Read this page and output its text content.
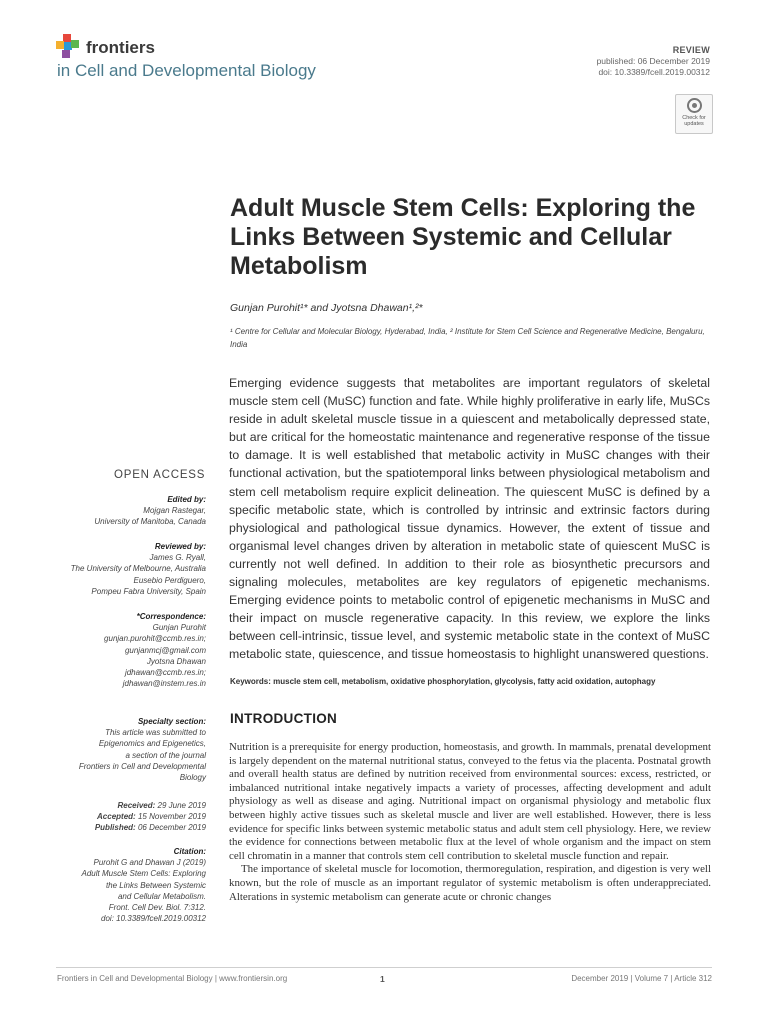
frontiers
in Cell and Developmental Biology
REVIEW
published: 06 December 2019
doi: 10.3389/fcell.2019.00312
Check for updates
Adult Muscle Stem Cells: Exploring the Links Between Systemic and Cellular Metabolism
Gunjan Purohit¹* and Jyotsna Dhawan¹,²*
¹ Centre for Cellular and Molecular Biology, Hyderabad, India, ² Institute for Stem Cell Science and Regenerative Medicine, Bengaluru, India
Emerging evidence suggests that metabolites are important regulators of skeletal muscle stem cell (MuSC) function and fate. While highly proliferative in early life, MuSCs reside in adult skeletal muscle tissue in a quiescent and metabolically depressed state, but are critical for the homeostatic maintenance and regenerative response of the tissue to damage. It is well established that metabolic activity in MuSC changes with their functional activation, but the spatiotemporal links between physiological metabolism and stem cell metabolism require explicit delineation. The quiescent MuSC is defined by a specific metabolic state, which is controlled by intrinsic and extrinsic factors during physiological and pathological tissue dynamics. However, the extent of tissue and organismal level changes driven by alteration in metabolic state of quiescent MuSC is currently not well defined. In addition to their role as biosynthetic precursors and signaling molecules, metabolites are key regulators of epigenetic mechanisms. Emerging evidence points to metabolic control of epigenetic mechanisms in MuSC and their impact on muscle regenerative capacity. In this review, we explore the links between cell-intrinsic, tissue level, and systemic metabolic state in the context of MuSC metabolic state, quiescence, and tissue homeostasis to highlight unanswered questions.
Keywords: muscle stem cell, metabolism, oxidative phosphorylation, glycolysis, fatty acid oxidation, autophagy
OPEN ACCESS
Edited by:
Mojgan Rastegar,
University of Manitoba, Canada
Reviewed by:
James G. Ryall,
The University of Melbourne, Australia
Eusebio Perdiguero,
Pompeu Fabra University, Spain
*Correspondence:
Gunjan Purohit
gunjan.purohit@ccmb.res.in;
gunjanmcj@gmail.com
Jyotsna Dhawan
jdhawan@ccmb.res.in;
jdhawan@instem.res.in
Specialty section:
This article was submitted to
Epigenomics and Epigenetics,
a section of the journal
Frontiers in Cell and Developmental
Biology
Received: 29 June 2019
Accepted: 15 November 2019
Published: 06 December 2019
Citation:
Purohit G and Dhawan J (2019)
Adult Muscle Stem Cells: Exploring
the Links Between Systemic
and Cellular Metabolism.
Front. Cell Dev. Biol. 7:312.
doi: 10.3389/fcell.2019.00312
INTRODUCTION

Nutrition is a prerequisite for energy production, homeostasis, and growth. In mammals, prenatal development is largely dependent on the maternal nutritional status, conveyed to the fetus via the placenta. Postnatal growth and overall health status are defined by nutrition received from environmental sources: excess, restricted, or imbalanced nutritional intake negatively impacts a variety of processes, affecting development and adult physiology as well as disease and aging. Nutritional impact on organismal physiology and metabolic flux between highly active tissues such as skeletal muscle and liver are well established. However, there is less evidence for specific links between systemic metabolic status and adult stem cell physiology. Here, we review the evidence for connections between metabolic flux at the level of whole organism and the impact on stem cell chromatin in a manner that controls stem cell contribution to skeletal muscle function and repair.

The importance of skeletal muscle for locomotion, thermoregulation, respiration, and digestion is very well known, but the role of muscle as an important regulator of systemic metabolism is often underappreciated. Alterations in systemic metabolism can generate acute or chronic changes

Frontiers in Cell and Developmental Biology | www.frontiersin.org	1	December 2019 | Volume 7 | Article 312
